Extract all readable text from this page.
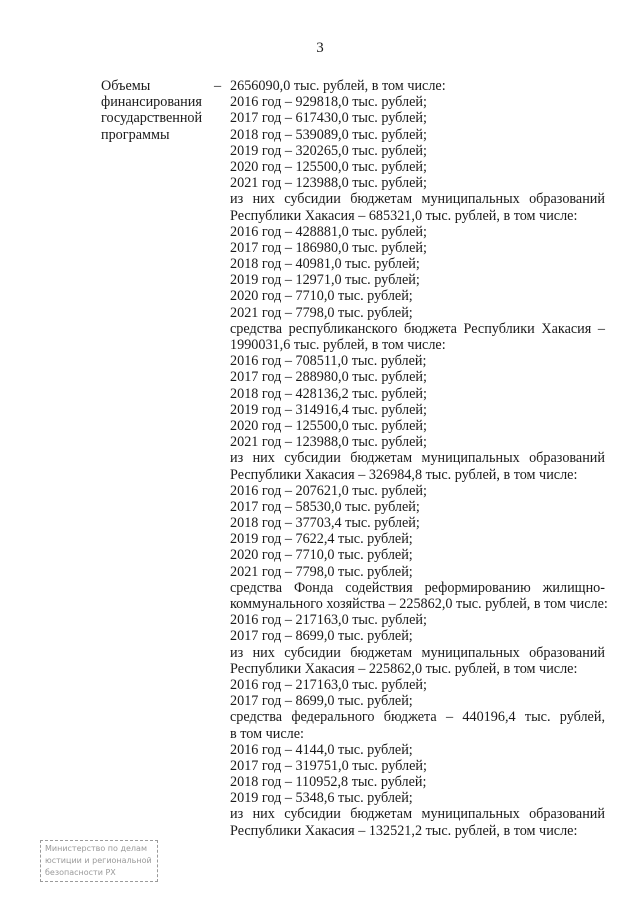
3
Объемы
финансирования
государственной
программы
– 2656090,0 тыс. рублей, в том числе:
2016 год – 929818,0 тыс. рублей;
2017 год – 617430,0 тыс. рублей;
2018 год – 539089,0 тыс. рублей;
2019 год – 320265,0 тыс. рублей;
2020 год – 125500,0 тыс. рублей;
2021 год – 123988,0 тыс. рублей;
из них субсидии бюджетам муниципальных образований
Республики Хакасия – 685321,0 тыс. рублей, в том числе:
2016 год – 428881,0 тыс. рублей;
2017 год – 186980,0 тыс. рублей;
2018 год – 40981,0 тыс. рублей;
2019 год – 12971,0 тыс. рублей;
2020 год – 7710,0 тыс. рублей;
2021 год – 7798,0 тыс. рублей;
средства республиканского бюджета Республики Хакасия –
1990031,6 тыс. рублей, в том числе:
2016 год – 708511,0 тыс. рублей;
2017 год – 288980,0 тыс. рублей;
2018 год – 428136,2 тыс. рублей;
2019 год – 314916,4 тыс. рублей;
2020 год – 125500,0 тыс. рублей;
2021 год – 123988,0 тыс. рублей;
из них субсидии бюджетам муниципальных образований
Республики Хакасия – 326984,8 тыс. рублей, в том числе:
2016 год – 207621,0 тыс. рублей;
2017 год – 58530,0 тыс. рублей;
2018 год – 37703,4 тыс. рублей;
2019 год – 7622,4 тыс. рублей;
2020 год – 7710,0 тыс. рублей;
2021 год – 7798,0 тыс. рублей;
средства Фонда содействия реформированию жилищно-
коммунального хозяйства – 225862,0 тыс. рублей, в том числе:
2016 год – 217163,0 тыс. рублей;
2017 год – 8699,0 тыс. рублей;
из них субсидии бюджетам муниципальных образований
Республики Хакасия – 225862,0 тыс. рублей, в том числе:
2016 год – 217163,0 тыс. рублей;
2017 год – 8699,0 тыс. рублей;
средства федерального бюджета – 440196,4 тыс. рублей,
в том числе:
2016 год – 4144,0 тыс. рублей;
2017 год – 319751,0 тыс. рублей;
2018 год – 110952,8 тыс. рублей;
2019 год – 5348,6 тыс. рублей;
из них субсидии бюджетам муниципальных образований
Республики Хакасия – 132521,2 тыс. рублей, в том числе:
Министерство по делам
юстиции и региональной
безопасности РХ
